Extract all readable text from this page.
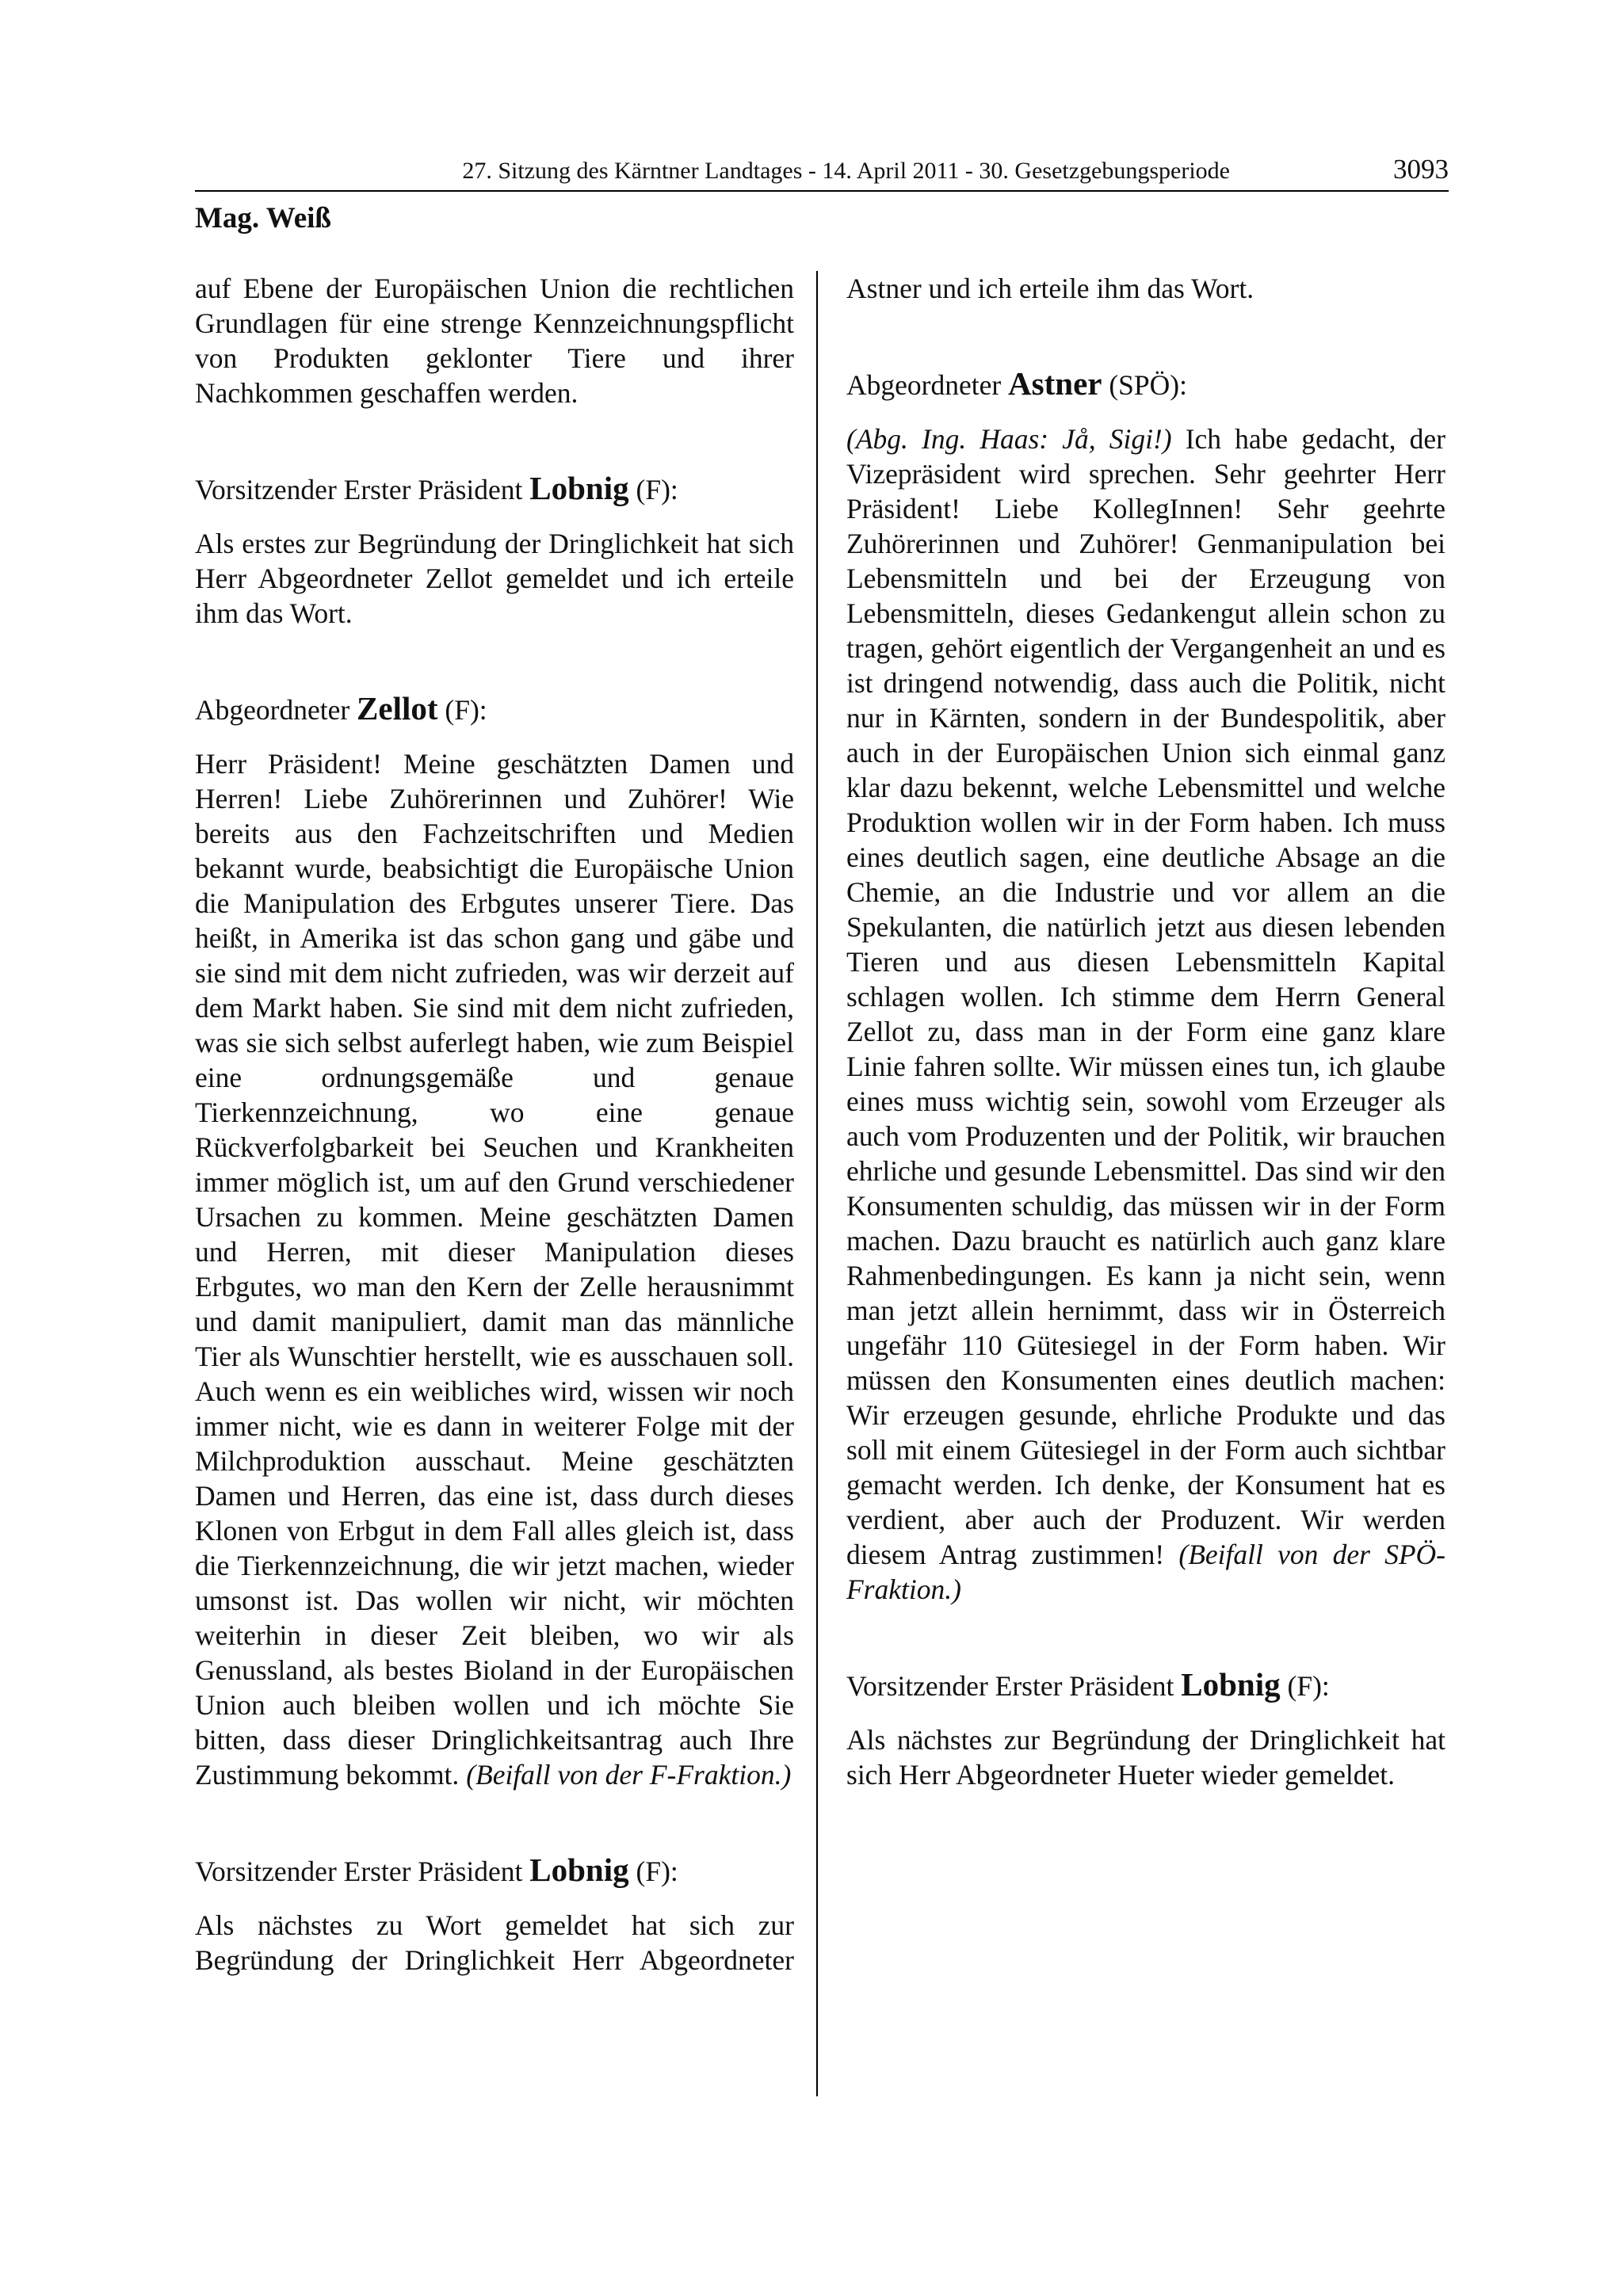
27. Sitzung des Kärntner Landtages - 14. April 2011 - 30. Gesetzgebungsperiode	3093
Mag. Weiß

auf Ebene der Europäischen Union die rechtlichen Grundlagen für eine strenge Kennzeichnungspflicht von Produkten geklonter Tiere und ihrer Nachkommen geschaffen werden.

Vorsitzender Erster Präsident Lobnig (F):

Als erstes zur Begründung der Dringlichkeit hat sich Herr Abgeordneter Zellot gemeldet und ich erteile ihm das Wort.

Abgeordneter Zellot (F):

Herr Präsident! Meine geschätzten Damen und Herren! Liebe Zuhörerinnen und Zuhörer! Wie bereits aus den Fachzeitschriften und Medien bekannt wurde, beabsichtigt die Europäische Union die Manipulation des Erbgutes unserer Tiere. Das heißt, in Amerika ist das schon gang und gäbe und sie sind mit dem nicht zufrieden, was wir derzeit auf dem Markt haben. Sie sind mit dem nicht zufrieden, was sie sich selbst auferlegt haben, wie zum Beispiel eine ordnungsgemäße und genaue Tierkennzeichnung, wo eine genaue Rückverfolgbarkeit bei Seuchen und Krankheiten immer möglich ist, um auf den Grund verschiedener Ursachen zu kommen. Meine geschätzten Damen und Herren, mit dieser Manipulation dieses Erbgutes, wo man den Kern der Zelle herausnimmt und damit manipuliert, damit man das männliche Tier als Wunschtier herstellt, wie es ausschauen soll. Auch wenn es ein weibliches wird, wissen wir noch immer nicht, wie es dann in weiterer Folge mit der Milchproduktion ausschaut. Meine geschätzten Damen und Herren, das eine ist, dass durch dieses Klonen von Erbgut in dem Fall alles gleich ist, dass die Tierkennzeichnung, die wir jetzt machen, wieder umsonst ist. Das wollen wir nicht, wir möchten weiterhin in dieser Zeit bleiben, wo wir als Genussland, als bestes Bioland in der Europäischen Union auch bleiben wollen und ich möchte Sie bitten, dass dieser Dringlichkeitsantrag auch Ihre Zustimmung bekommt. (Beifall von der F-Fraktion.)

Vorsitzender Erster Präsident Lobnig (F):

Als nächstes zu Wort gemeldet hat sich zur Begründung der Dringlichkeit Herr Abgeordneter

Astner und ich erteile ihm das Wort.

Abgeordneter Astner (SPÖ):

(Abg. Ing. Haas: Jå, Sigi!) Ich habe gedacht, der Vizepräsident wird sprechen. Sehr geehrter Herr Präsident! Liebe KollegInnen! Sehr geehrte Zuhörerinnen und Zuhörer! Genmanipulation bei Lebensmitteln und bei der Erzeugung von Lebensmitteln, dieses Gedankengut allein schon zu tragen, gehört eigentlich der Vergangenheit an und es ist dringend notwendig, dass auch die Politik, nicht nur in Kärnten, sondern in der Bundespolitik, aber auch in der Europäischen Union sich einmal ganz klar dazu bekennt, welche Lebensmittel und welche Produktion wollen wir in der Form haben. Ich muss eines deutlich sagen, eine deutliche Absage an die Chemie, an die Industrie und vor allem an die Spekulanten, die natürlich jetzt aus diesen lebenden Tieren und aus diesen Lebensmitteln Kapital schlagen wollen. Ich stimme dem Herrn General Zellot zu, dass man in der Form eine ganz klare Linie fahren sollte. Wir müssen eines tun, ich glaube eines muss wichtig sein, sowohl vom Erzeuger als auch vom Produzenten und der Politik, wir brauchen ehrliche und gesunde Lebensmittel. Das sind wir den Konsumenten schuldig, das müssen wir in der Form machen. Dazu braucht es natürlich auch ganz klare Rahmenbedingungen. Es kann ja nicht sein, wenn man jetzt allein hernimmt, dass wir in Österreich ungefähr 110 Gütesiegel in der Form haben. Wir müssen den Konsumenten eines deutlich machen: Wir erzeugen gesunde, ehrliche Produkte und das soll mit einem Gütesiegel in der Form auch sichtbar gemacht werden. Ich denke, der Konsument hat es verdient, aber auch der Produzent. Wir werden diesem Antrag zustimmen! (Beifall von der SPÖ-Fraktion.)

Vorsitzender Erster Präsident Lobnig (F):

Als nächstes zur Begründung der Dringlichkeit hat sich Herr Abgeordneter Hueter wieder gemeldet.
